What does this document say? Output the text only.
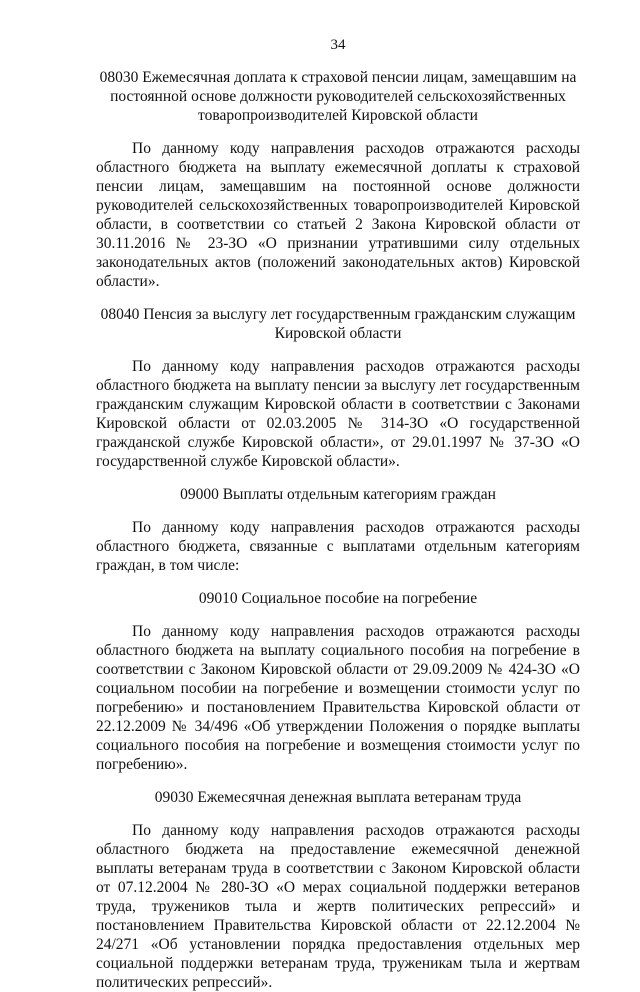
34
08030 Ежемесячная доплата к страховой пенсии лицам, замещавшим на постоянной основе должности руководителей сельскохозяйственных товаропроизводителей Кировской области
По данному коду направления расходов отражаются расходы областного бюджета на выплату ежемесячной доплаты к страховой пенсии лицам, замещавшим на постоянной основе должности руководителей сельскохозяйственных товаропроизводителей Кировской области, в соответствии со статьей 2 Закона Кировской области от 30.11.2016 № 23-ЗО «О признании утратившими силу отдельных законодательных актов (положений законодательных актов) Кировской области».
08040 Пенсия за выслугу лет государственным гражданским служащим Кировской области
По данному коду направления расходов отражаются расходы областного бюджета на выплату пенсии за выслугу лет государственным гражданским служащим Кировской области в соответствии с Законами Кировской области от 02.03.2005 № 314-ЗО «О государственной гражданской службе Кировской области», от 29.01.1997 № 37-ЗО «О государственной службе Кировской области».
09000 Выплаты отдельным категориям граждан
По данному коду направления расходов отражаются расходы областного бюджета, связанные с выплатами отдельным категориям граждан, в том числе:
09010 Социальное пособие на погребение
По данному коду направления расходов отражаются расходы областного бюджета на выплату социального пособия на погребение в соответствии с Законом Кировской области от 29.09.2009 № 424-ЗО «О социальном пособии на погребение и возмещении стоимости услуг по погребению» и постановлением Правительства Кировской области от 22.12.2009 № 34/496 «Об утверждении Положения о порядке выплаты социального пособия на погребение и возмещения стоимости услуг по погребению».
09030 Ежемесячная денежная выплата ветеранам труда
По данному коду направления расходов отражаются расходы областного бюджета на предоставление ежемесячной денежной выплаты ветеранам труда в соответствии с Законом Кировской области от 07.12.2004 № 280-ЗО «О мерах социальной поддержки ветеранов труда, тружеников тыла и жертв политических репрессий» и постановлением Правительства Кировской области от 22.12.2004 № 24/271 «Об установлении порядка предоставления отдельных мер социальной поддержки ветеранам труда, труженикам тыла и жертвам политических репрессий».
